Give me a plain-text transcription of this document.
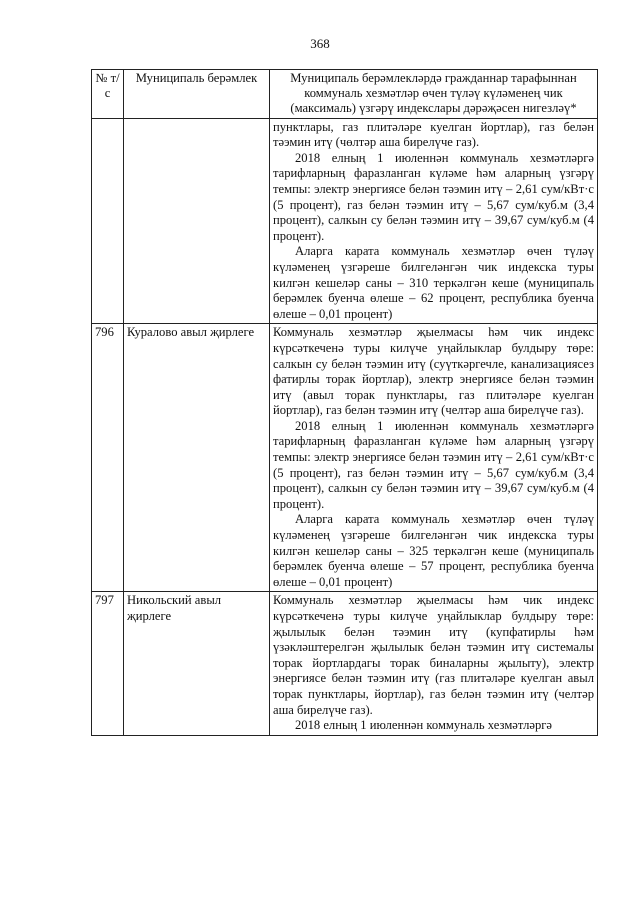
368
№ т/с	Муниципаль берәмлек	Муниципаль берәмлекләрдә гражданнар тарафыннан коммуналь хезмәтләр өчен түләү күләменең чик (максималь) үзгәрү индекслары дәрәҗәсен нигезләү*

		пунктлары, газ плитәләре куелган йортлар), газ белән тәэмин итү (чөлтәр аша бирелүче газ).

2018 елның 1 июленнән коммуналь хезмәтләргә тарифларның фаразланган күләме һәм аларның үзгәрү темпы: электр энергиясе белән тәэмин итү – 2,61 сум/кВт·с (5 процент), газ белән тәэмин итү – 5,67 сум/куб.м (3,4 процент), салкын су белән тәэмин итү – 39,67 сум/куб.м (4 процент).

Аларга карата коммуналь хезмәтләр өчен түләү күләменең үзгәреше билгеләнгән чик индекска туры килгән кешеләр саны – 310 теркәлгән кеше (муниципаль берәмлек буенча өлеше – 62 процент, республика буенча өлеше – 0,01 процент)

796	Куралово авыл җирлеге	Коммуналь хезмәтләр җыелмасы һәм чик индекс күрсәткеченә туры килүче уңайлыклар булдыру төре: салкын су белән тәэмин итү (суүткәргечле, канализациясез фатирлы торак йортлар), электр энергиясе белән тәэмин итү (авыл торак пунктлары, газ плитәләре куелган йортлар), газ белән тәэмин итү (челтәр аша бирелүче газ).

2018 елның 1 июленнән коммуналь хезмәтләргә тарифларның фаразланган күләме һәм аларның үзгәрү темпы: электр энергиясе белән тәэмин итү – 2,61 сум/кВт·с (5 процент), газ белән тәэмин итү – 5,67 сум/куб.м (3,4 процент), салкын су белән тәэмин итү – 39,67 сум/куб.м (4 процент).

Аларга карата коммуналь хезмәтләр өчен түләү күләменең үзгәреше билгеләнгән чик индекска туры килгән кешеләр саны – 325 теркәлгән кеше (муниципаль берәмлек буенча өлеше – 57 процент, республика буенча өлеше – 0,01 процент)

797	Никольский авыл җирлеге	Коммуналь хезмәтләр җыелмасы һәм чик индекс күрсәткеченә туры килүче уңайлыклар булдыру төре: җылылык белән тәэмин итү (купфатирлы һәм үзәкләштерелгән җылылык белән тәэмин итү системалы торак йортлардагы торак биналарны җылыту), электр энергиясе белән тәэмин итү (газ плитәләре куелган авыл торак пунктлары, йортлар), газ белән тәэмин итү (челтәр аша бирелүче газ).

2018 елның 1 июленнән коммуналь хезмәтләргә
